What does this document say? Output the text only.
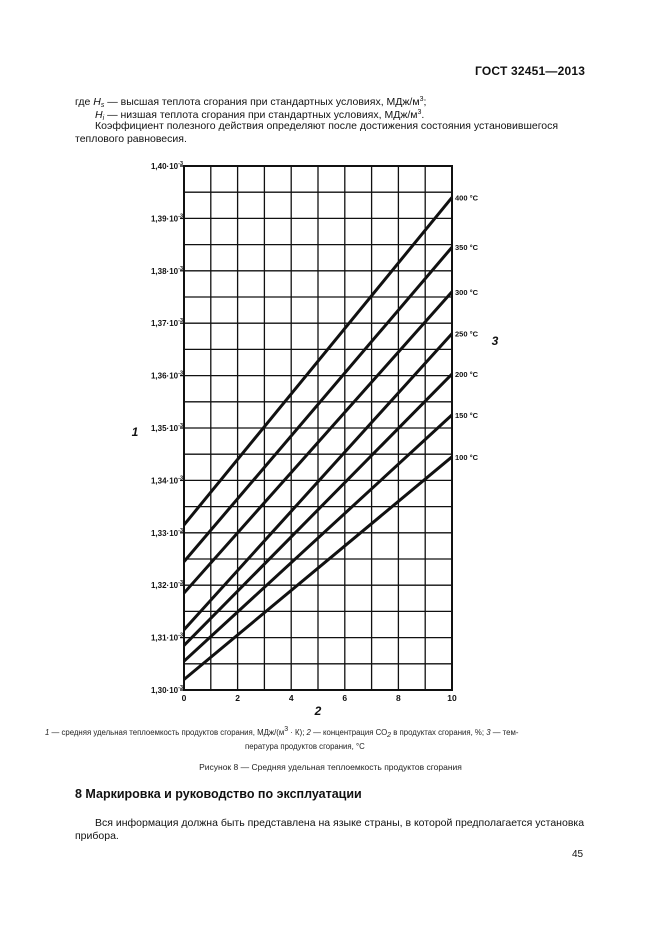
ГОСТ 32451—2013
где $H_s$ — высшая теплота сгорания при стандартных условиях, МДж/$м^3$;
$H_i$ — низшая теплота сгорания при стандартных условиях, МДж/$м^3$.
Коэффициент полезного действия определяют после достижения состояния установившегося
теплового равновесия.
$1,30\cdot 10^{-3}$
$1,31\cdot 10^{-3}$
$1,32\cdot 10^{-3}$
$1,33\cdot 10^{-3}$
$1,34\cdot 10^{-3}$
$1,35\cdot 10^{-3}$
$1,36\cdot 10^{-3}$
$1,37\cdot 10^{-3}$
$1,38\cdot 10^{-3}$
$1,39\cdot 10^{-3}$
$1,40\cdot 10^{-3}$
0	2	4	6	8	10
1
2
3
100 °C
150 °C
200 °C
250 °C
300 °C
350 °C
400 °C
1 — средняя удельная теплоемкость продуктов сгорания, МДж/(м3 · К); 2 — концентрация СО2 в продуктах сгорания, %; 3 — тем-
пература продуктов сгорания, °С
Рисунок 8 — Средняя удельная теплоемкость продуктов сгорания
8 Маркировка и руководство по эксплуатации
Вся информация должна быть представлена на языке страны, в которой предполагается установка
прибора.
45
